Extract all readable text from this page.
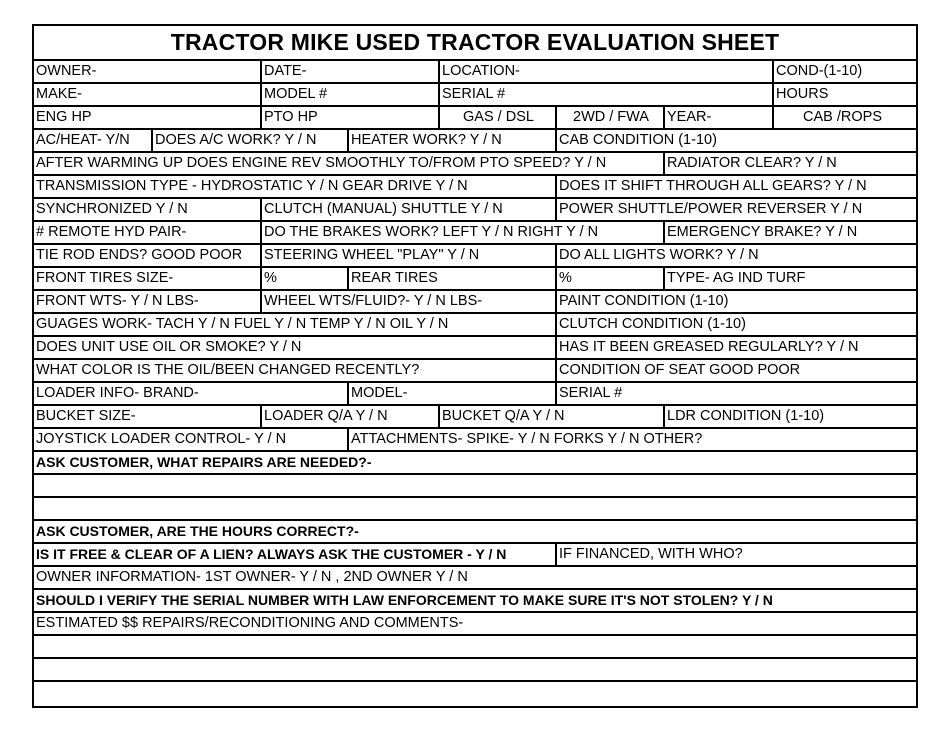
TRACTOR MIKE USED TRACTOR EVALUATION SHEET
OWNER-	DATE-	LOCATION-	COND-(1-10)
MAKE-	MODEL #	SERIAL #	HOURS
ENG HP	PTO HP	GAS / DSL	2WD / FWA	YEAR-	CAB /ROPS
AC/HEAT- Y/N	DOES A/C WORK? Y / N	HEATER WORK? Y / N	CAB CONDITION (1-10)
AFTER WARMING UP DOES ENGINE REV SMOOTHLY TO/FROM PTO SPEED? Y / N	RADIATOR CLEAR? Y / N
TRANSMISSION TYPE - HYDROSTATIC Y / N GEAR DRIVE Y / N	DOES IT SHIFT THROUGH ALL GEARS? Y / N
SYNCHRONIZED Y / N	CLUTCH (MANUAL) SHUTTLE Y / N	POWER SHUTTLE/POWER REVERSER Y / N
# REMOTE HYD PAIR-	DO THE BRAKES WORK? LEFT Y / N RIGHT Y / N	EMERGENCY BRAKE? Y / N
TIE ROD ENDS? GOOD POOR	STEERING WHEEL "PLAY" Y / N	DO ALL LIGHTS WORK? Y / N
FRONT TIRES SIZE-	%	REAR TIRES	%	TYPE- AG IND TURF
FRONT WTS- Y / N LBS-	WHEEL WTS/FLUID?- Y / N LBS-	PAINT CONDITION (1-10)
GUAGES WORK- TACH Y / N FUEL Y / N TEMP Y / N OIL Y / N	CLUTCH CONDITION (1-10)
DOES UNIT USE OIL OR SMOKE? Y / N	HAS IT BEEN GREASED REGULARLY? Y / N
WHAT COLOR IS THE OIL/BEEN CHANGED RECENTLY?	CONDITION OF SEAT GOOD POOR
LOADER INFO- BRAND-	MODEL-	SERIAL #
BUCKET SIZE-	LOADER Q/A Y / N	BUCKET Q/A Y / N	LDR CONDITION (1-10)
JOYSTICK LOADER CONTROL- Y / N	ATTACHMENTS- SPIKE- Y / N FORKS Y / N OTHER?
ASK CUSTOMER, WHAT REPAIRS ARE NEEDED?-
ASK CUSTOMER, ARE THE HOURS CORRECT?-
IS IT FREE & CLEAR OF A LIEN? ALWAYS ASK THE CUSTOMER - Y / N	IF FINANCED, WITH WHO?
OWNER INFORMATION- 1ST OWNER- Y / N , 2ND OWNER Y / N
SHOULD I VERIFY THE SERIAL NUMBER WITH LAW ENFORCEMENT TO MAKE SURE IT'S NOT STOLEN? Y / N
ESTIMATED $$ REPAIRS/RECONDITIONING AND COMMENTS-
